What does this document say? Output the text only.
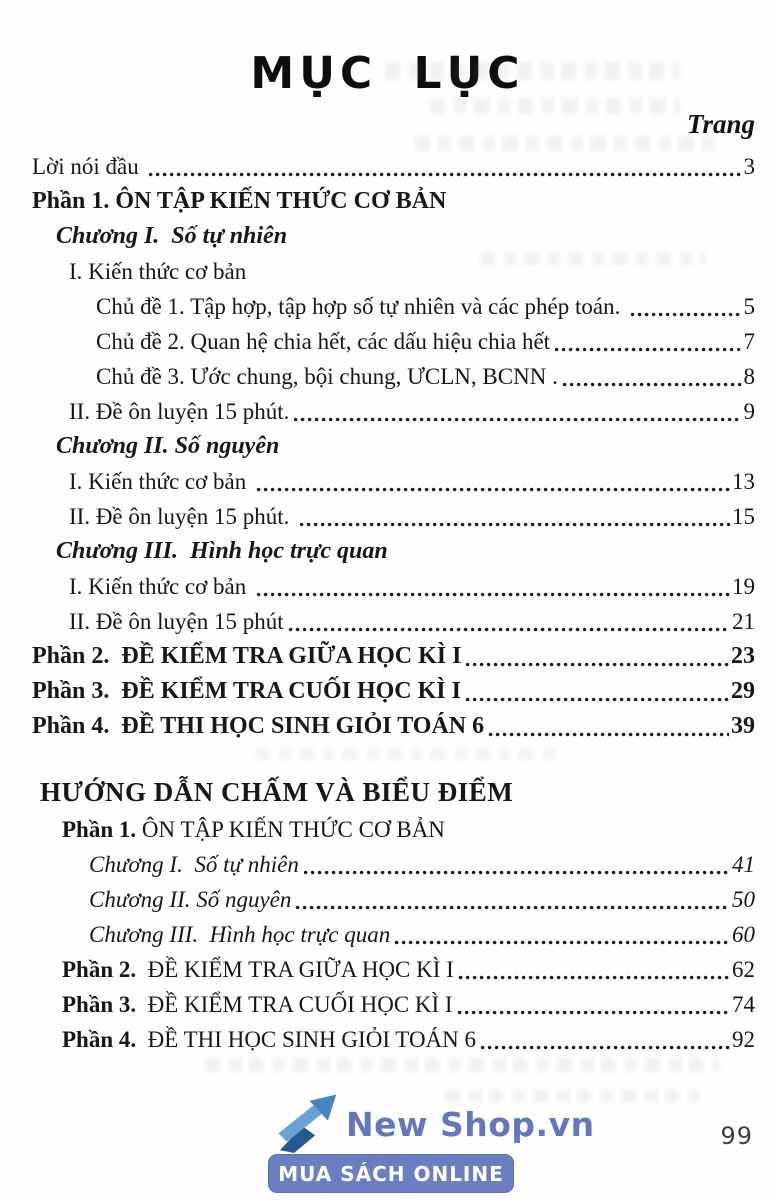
MỤC LỤC
Trang
Lời nói đầu	3
Phần 1. ÔN TẬP KIẾN THỨC CƠ BẢN
Chương I.  Số tự nhiên
I. Kiến thức cơ bản
Chủ đề 1. Tập hợp, tập hợp số tự nhiên và các phép toán.	5
Chủ đề 2. Quan hệ chia hết, các dấu hiệu chia hết	7
Chủ đề 3. Ước chung, bội chung, ƯCLN, BCNN .	8
II. Đề ôn luyện 15 phút.	9
Chương II. Số nguyên
I. Kiến thức cơ bản	13
II. Đề ôn luyện 15 phút.	15
Chương III.  Hình học trực quan
I. Kiến thức cơ bản	19
II. Đề ôn luyện 15 phút	21
Phần 2.  ĐỀ KIỂM TRA GIỮA HỌC KÌ I	23
Phần 3.  ĐỀ KIỂM TRA CUỐI HỌC KÌ I	29
Phần 4.  ĐỀ THI HỌC SINH GIỎI TOÁN 6	39
HƯỚNG DẪN CHẤM VÀ BIỂU ĐIỂM
Phần 1. ÔN TẬP KIẾN THỨC CƠ BẢN
Chương I.  Số tự nhiên	41
Chương II. Số nguyên	50
Chương III.  Hình học trực quan	60
Phần 2. ĐỀ KIỂM TRA GIỮA HỌC KÌ I	62
Phần 3. ĐỀ KIỂM TRA CUỐI HỌC KÌ I	74
Phần 4. ĐỀ THI HỌC SINH GIỎI TOÁN 6	92
New Shop.vn
MUA SÁCH ONLINE
99
